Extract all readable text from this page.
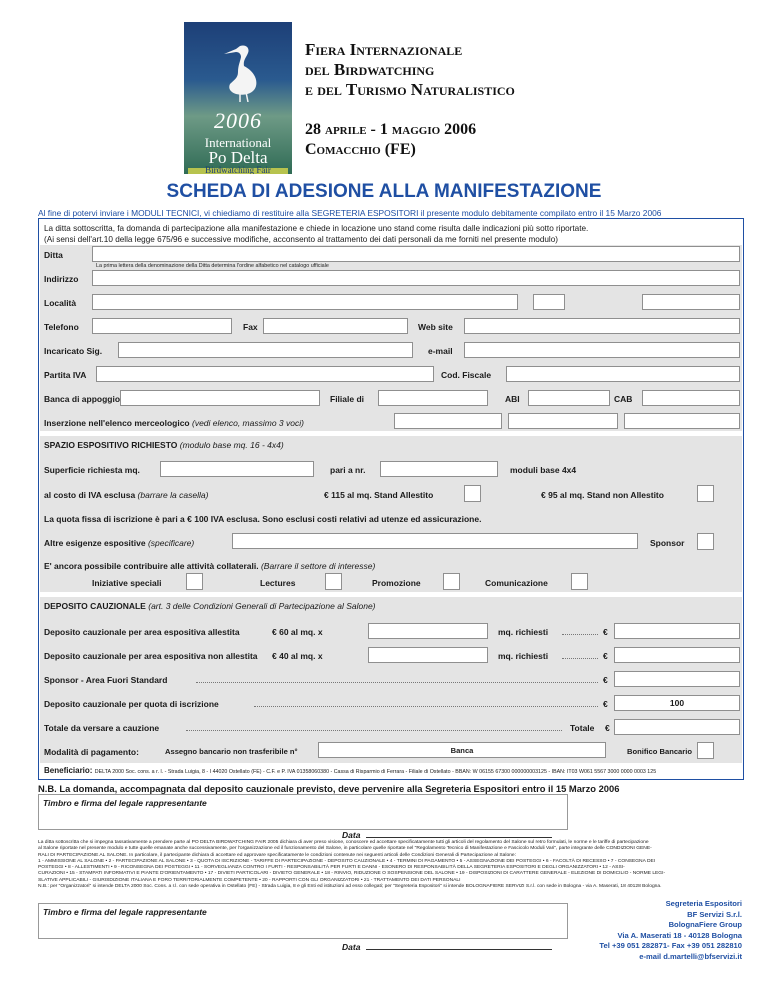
2006
International
Po Delta
Birdwatching Fair
Fiera Internazionale
del Birdwatching
e del Turismo Naturalistico
28 aprile - 1 maggio 2006
Comacchio (FE)
SCHEDA DI ADESIONE ALLA MANIFESTAZIONE
Al fine di potervi inviare i MODULI TECNICI, vi chiediamo di restituire alla SEGRETERIA ESPOSITORI il presente modulo debitamente compilato entro il 15 Marzo 2006
La ditta sottoscritta, fa domanda di partecipazione alla manifestazione e chiede in locazione uno stand come risulta dalle indicazioni più sotto riportate.
(Ai sensi dell'art.10 della legge 675/96 e successive modifiche, acconsento al trattamento dei dati personali da me forniti nel presente modulo)
Ditta
La prima lettera della denominazione della Ditta determina l'ordine alfabetico nel catalogo ufficiale
Indirizzo
Località
Telefono	Fax	Web site
Incaricato Sig.	e-mail
Partita IVA	Cod. Fiscale
Banca di appoggio	Filiale di	ABI	CAB
Inserzione nell'elenco merceologico (vedi elenco, massimo 3 voci)
SPAZIO ESPOSITIVO RICHIESTO (modulo base mq. 16 - 4x4)
Superficie richiesta mq.	pari a nr.	moduli base 4x4
al costo di IVA esclusa (barrare la casella)	€ 115 al mq. Stand Allestito	€ 95 al mq. Stand non Allestito
La quota fissa di iscrizione è pari a € 100 IVA esclusa. Sono esclusi costi relativi ad utenze ed assicurazione.
Altre esigenze espositive (specificare)	Sponsor
E' ancora possibile contribuire alle attività collaterali. (Barrare il settore di interesse)
Iniziative speciali	Lectures	Promozione	Comunicazione
DEPOSITO CAUZIONALE (art. 3 delle Condizioni Generali di Partecipazione al Salone)
Deposito cauzionale per area espositiva allestita	€ 60 al mq. x	mq. richiesti	€
Deposito cauzionale per area espositiva non allestita € 40 al mq. x	mq. richiesti	€
Sponsor - Area Fuori Standard	€
Deposito cauzionale per quota di iscrizione	€	100
Totale da versare a cauzione	Totale €
Modalità di pagamento:	Assegno bancario non trasferibile n°	Banca	Bonifico Bancario
Beneficiario: DELTA 2000 Soc. cons. a r. l. - Strada Luigia, 8 - I 44020 Ostellato (FE) - C.F. e P. IVA 01358060380 - Cassa di Risparmio di Ferrara - Filiale di Ostellato - BBAN: W 06155 67300 000000003125 - IBAN: IT03 W061 5567 3000 0000 0003 125
N.B. La domanda, accompagnata dal deposito cauzionale previsto, deve pervenire alla Segreteria Espositori entro il 15 Marzo 2006
Timbro e firma del legale rappresentante
Data
La ditta sottoscritta che si impegna tassativamente a prendere parte al PO DELTA BIRDWATCHING FAIR 2005 dichiara di aver preso visione, conoscere ed accettare specificatamente tutti gli articoli del regolamento del Salone sul retro formulati, le norme e le tariffe di partecipazione
al Salone riportate nel presente modulo e tutte quelle emanate anche successivamente, per l'organizzazione ed il funzionamento del Salone, in particolare quelle riportate nel "Regolamento Tecnico di Manifestazione e Fascicolo Moduli Vari", parte integrante delle CONDIZIONI GENE-
RALI DI PARTECIPAZIONE AL SALONE. In particolare, il partecipante dichiara di accettare ed approvare specificatamente le condizioni contenute nei seguenti articoli delle Condizioni Generali di Partecipazione al Salone:
1 - AMMISSIONE AL SALONE • 2 - PARTECIPAZIONE AL SALONE • 3 - QUOTA DI ISCRIZIONE - TARIFFE DI PARTECIPAZIONE - DEPOSITO CAUZIONALE • 4 - TERMINI DI PAGAMENTO • 5 - ASSEGNAZIONE DEI POSTEGGI • 6 - FACOLTÀ DI RECESSO • 7 - CONSEGNA DEI
POSTEGGI • 8 - ALLESTIMENTI • 9 - RICONSEGNA DEI POSTEGGI • 11 - SORVEGLIANZA CONTRO I FURTI - RESPONSABILITÀ PER FURTI E DANNI - ESONERO DI RESPONSABILITÀ DELLA SEGRETERIA ESPOSITORI E DEGLI ORGANIZZATORI • 12 - ASSI-
CURAZIONI • 15 - STAMPATI INFORMATIVI E PIANTE D'ORIENTAMENTO • 17 - DIVIETI PARTICOLARI - DIVIETO GENERALE • 18 - RINVIO, RIDUZIONE O SOSPENSIONE DEL SALONE • 19 - DISPOSIZIONI DI CARATTERE GENERALE - ELEZIONE DI DOMICILIO - NORME LEGI-
SLATIVE APPLICABILI - GIURISDIZIONE ITALIANA E FORO TERRITORIALMENTE COMPETENTE • 20 - RAPPORTI CON GLI ORGANIZZATORI • 21 - TRATTAMENTO DEI DATI PERSONALI
N.B.: per "Organizzatori" si intende DELTA 2000 Soc. Cons. a r.l. con sede operativa in Ostellato (FE) - Strada Luigia, 8 e gli Enti ed istituzioni ad esso collegati; per "Segreteria Espositori" si intende BOLOGNAFIERE SERVIZI S.r.l. con sede in Bologna - via A. Maserati, 18 40128 Bologna.
Timbro e firma del legale rappresentante
Data
Segreteria Espositori
BF Servizi S.r.l.
BolognaFiere Group
Via A. Maserati 18 - 40128 Bologna
Tel +39 051 282871- Fax +39 051 282810
e-mail d.martelli@bfservizi.it
